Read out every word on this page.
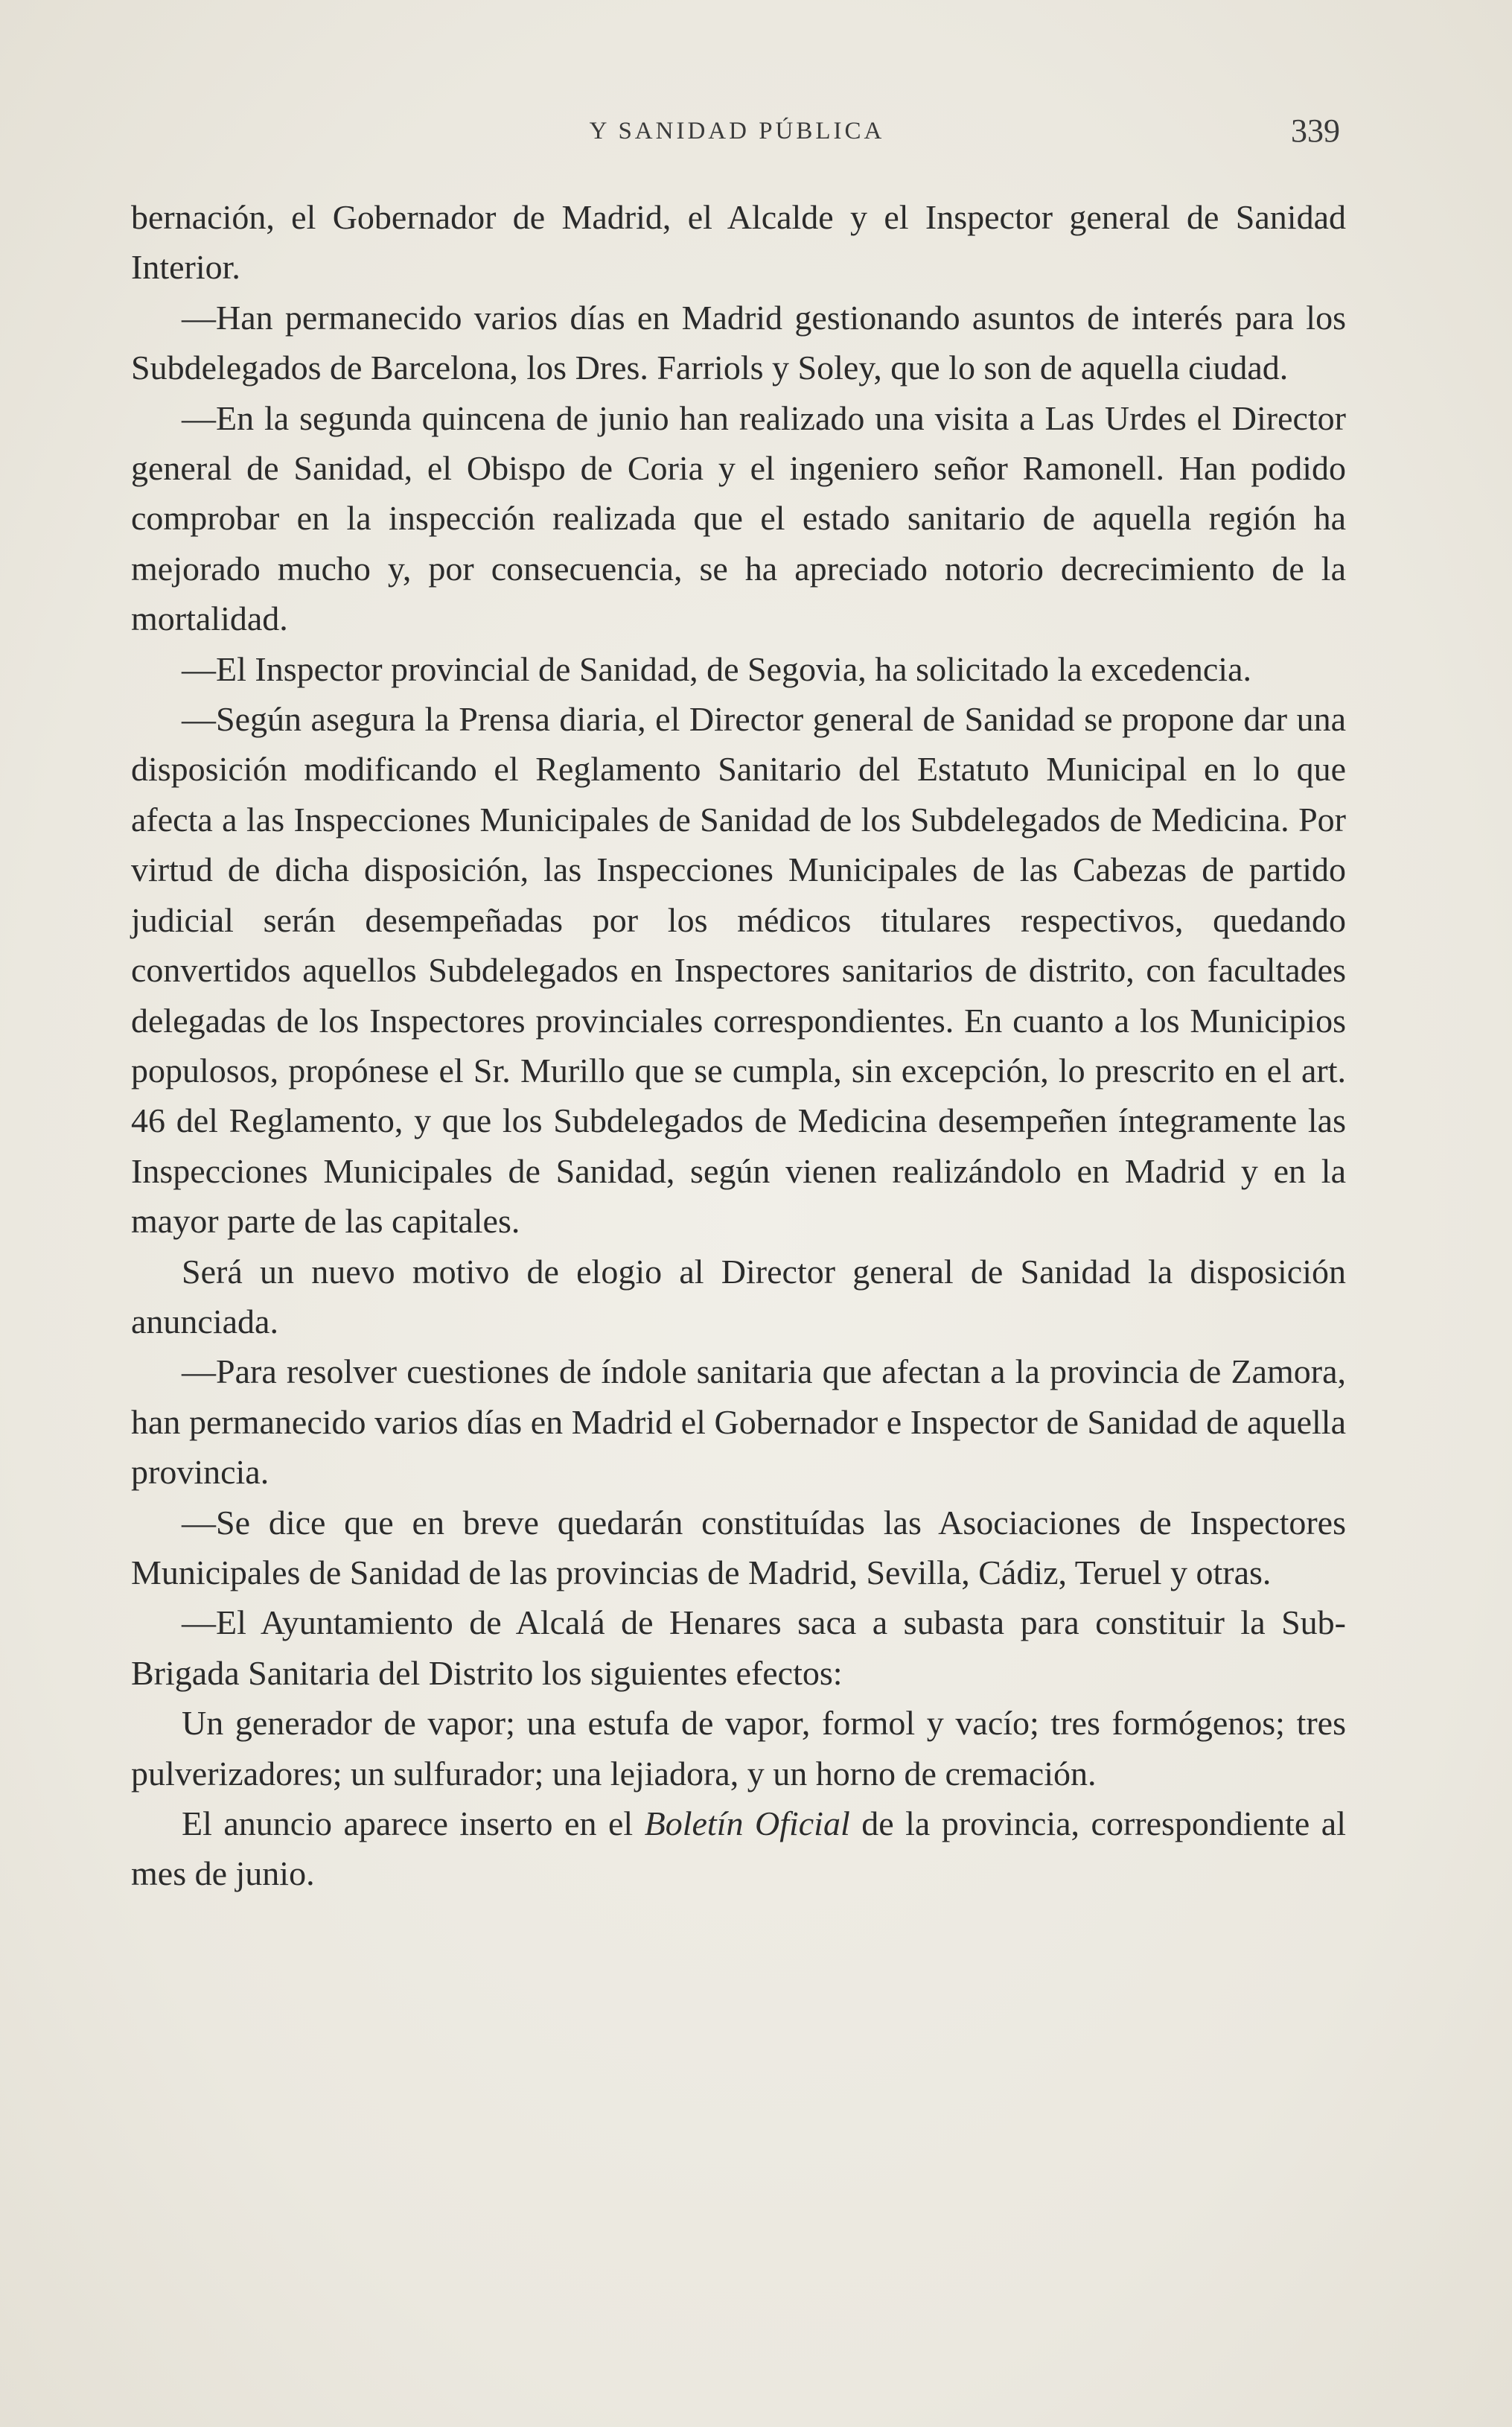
Y SANIDAD PÚBLICA	339

bernación, el Gobernador de Madrid, el Alcalde y el Inspector general de Sanidad Interior.

—Han permanecido varios días en Madrid gestionando asuntos de interés para los Subdelegados de Barcelona, los Dres. Farriols y Soley, que lo son de aquella ciudad.

—En la segunda quincena de junio han realizado una visita a Las Urdes el Director general de Sanidad, el Obispo de Coria y el ingeniero señor Ramonell. Han podido comprobar en la inspección realizada que el estado sanitario de aquella región ha mejorado mucho y, por consecuencia, se ha apreciado notorio decrecimiento de la mortalidad.

—El Inspector provincial de Sanidad, de Segovia, ha solicitado la excedencia.

—Según asegura la Prensa diaria, el Director general de Sanidad se propone dar una disposición modificando el Reglamento Sanitario del Estatuto Municipal en lo que afecta a las Inspecciones Municipales de Sanidad de los Subdelegados de Medicina. Por virtud de dicha disposición, las Inspecciones Municipales de las Cabezas de partido judicial serán desempeñadas por los médicos titulares respectivos, quedando convertidos aquellos Subdelegados en Inspectores sanitarios de distrito, con facultades delegadas de los Inspectores provinciales correspondientes. En cuanto a los Municipios populosos, propónese el Sr. Murillo que se cumpla, sin excepción, lo prescrito en el art. 46 del Reglamento, y que los Subdelegados de Medicina desempeñen íntegramente las Inspecciones Municipales de Sanidad, según vienen realizándolo en Madrid y en la mayor parte de las capitales.

Será un nuevo motivo de elogio al Director general de Sanidad la disposición anunciada.

—Para resolver cuestiones de índole sanitaria que afectan a la provincia de Zamora, han permanecido varios días en Madrid el Gobernador e Inspector de Sanidad de aquella provincia.

—Se dice que en breve quedarán constituídas las Asociaciones de Inspectores Municipales de Sanidad de las provincias de Madrid, Sevilla, Cádiz, Teruel y otras.

—El Ayuntamiento de Alcalá de Henares saca a subasta para constituir la Sub-Brigada Sanitaria del Distrito los siguientes efectos:

Un generador de vapor; una estufa de vapor, formol y vacío; tres formógenos; tres pulverizadores; un sulfurador; una lejiadora, y un horno de cremación.

El anuncio aparece inserto en el Boletín Oficial de la provincia, correspondiente al mes de junio.
